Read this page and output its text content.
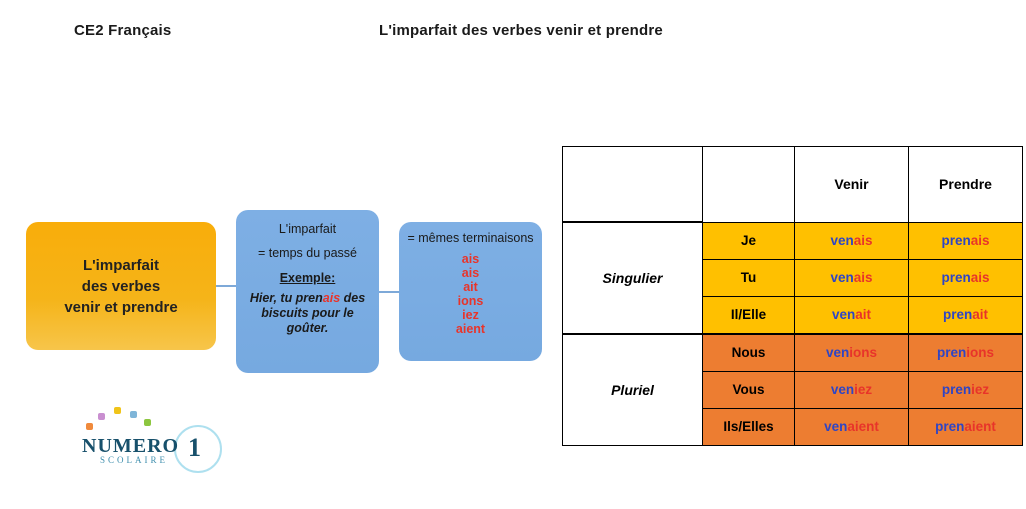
CE2 Français	L'imparfait des verbes venir et prendre
L'imparfait
des verbes
venir et prendre
L'imparfait
= temps du passé
Exemple:
Hier, tu prenais des biscuits pour le goûter.
= mêmes terminaisons
ais
ais
ait
ions
iez
aient
NUMERO 1
SCOLAIRE
		Venir	Prendre
Singulier	Je	venais	prenais
	Tu	venais	prenais
	Il/Elle	venait	prenait
Pluriel	Nous	venions	prenions
	Vous	veniez	preniez
	Ils/Elles	venaient	prenaient
